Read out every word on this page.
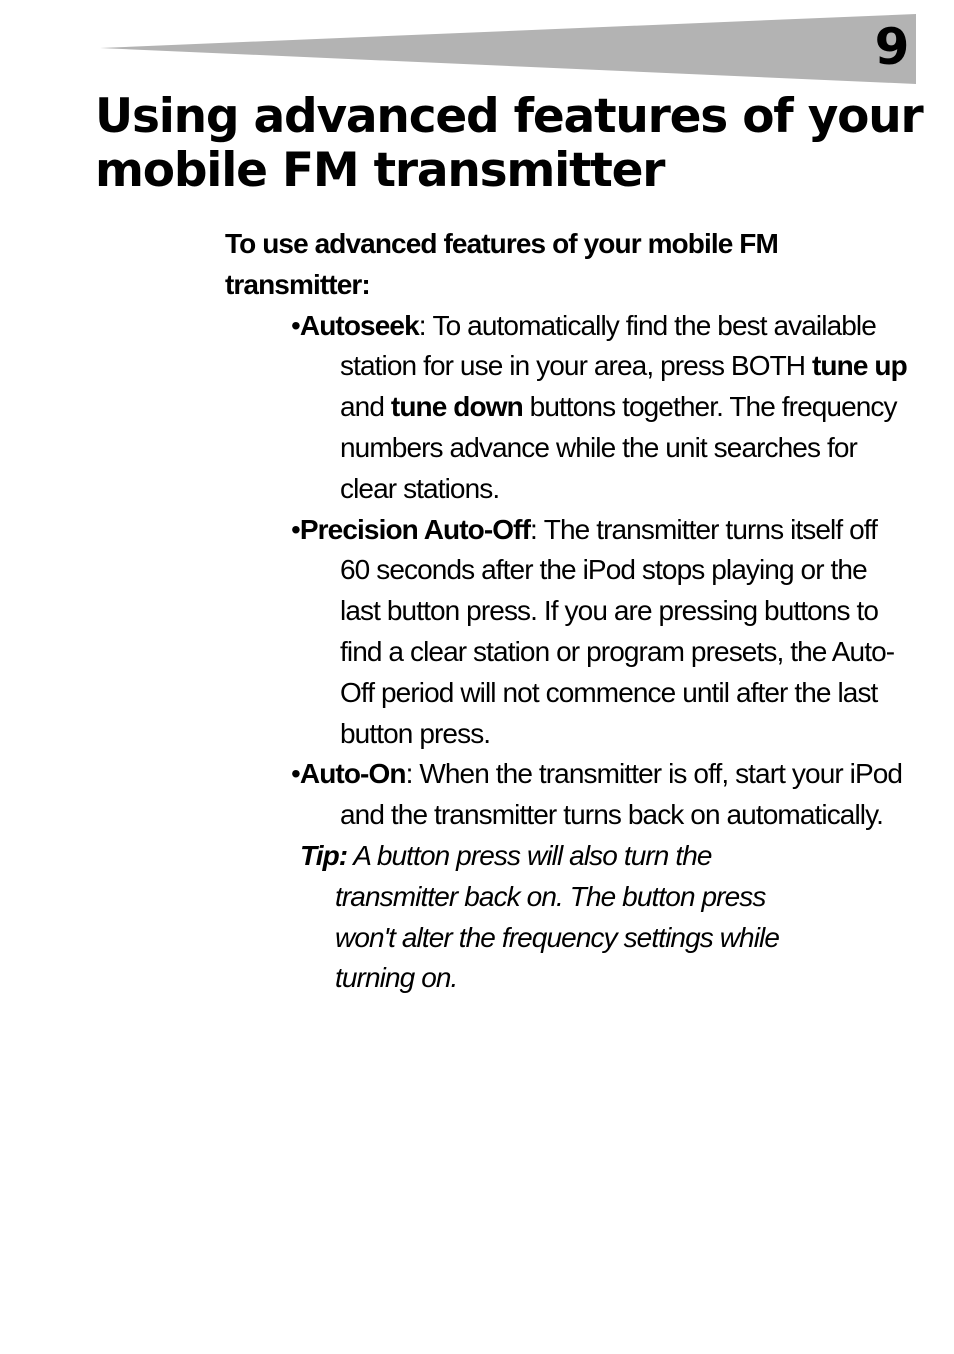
9
Using advanced features of your mobile FM transmitter

To use advanced features of your mobile FM transmitter:

•Autoseek: To automatically find the best available station for use in your area, press BOTH tune up and tune down buttons together. The frequency numbers advance while the unit searches for clear stations.
•Precision Auto-Off: The transmitter turns itself off 60 seconds after the iPod stops playing or the last button press. If you are pressing buttons to find a clear station or program presets, the Auto-Off period will not commence until after the last button press.
•Auto-On: When the transmitter is off, start your iPod and the transmitter turns back on automatically.
Tip: A button press will also turn the transmitter back on. The button press won't alter the frequency settings while turning on.
